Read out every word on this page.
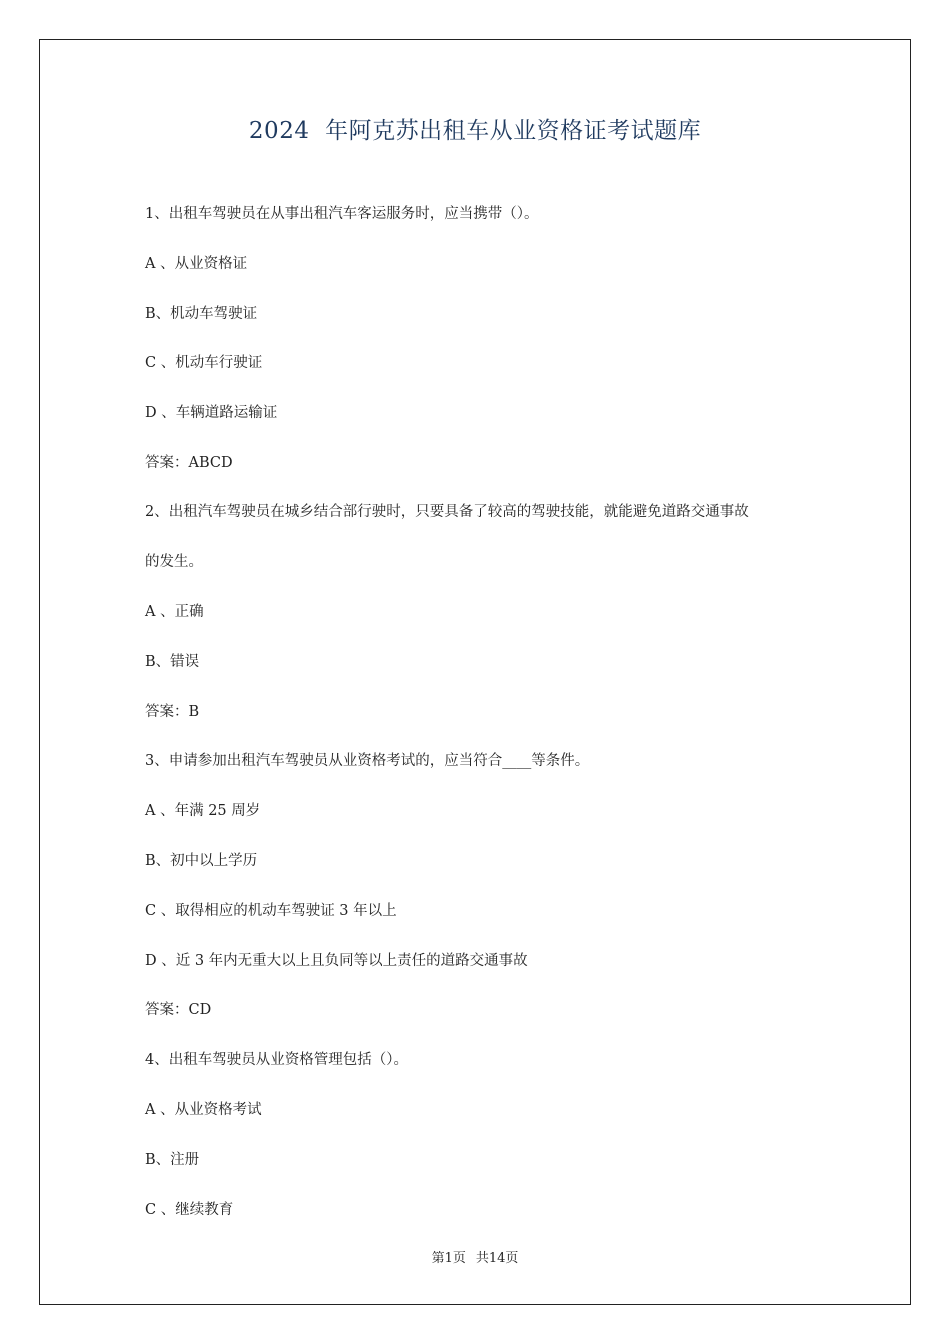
2024  年阿克苏出租车从业资格证考试题库
1、出租车驾驶员在从事出租汽车客运服务时，应当携带（）。
A 、从业资格证
B、机动车驾驶证
C 、机动车行驶证
D 、车辆道路运输证
答案：ABCD
2、出租汽车驾驶员在城乡结合部行驶时，只要具备了较高的驾驶技能，就能避免道路交通事故
的发生。
A 、正确
B、错误
答案：B
3、申请参加出租汽车驾驶员从业资格考试的，应当符合____等条件。
A 、年满 25 周岁
B、初中以上学历
C 、取得相应的机动车驾驶证 3 年以上
D 、近 3 年内无重大以上且负同等以上责任的道路交通事故
答案：CD
4、出租车驾驶员从业资格管理包括（）。
A 、从业资格考试
B、注册
C 、继续教育
第1页 共14页
